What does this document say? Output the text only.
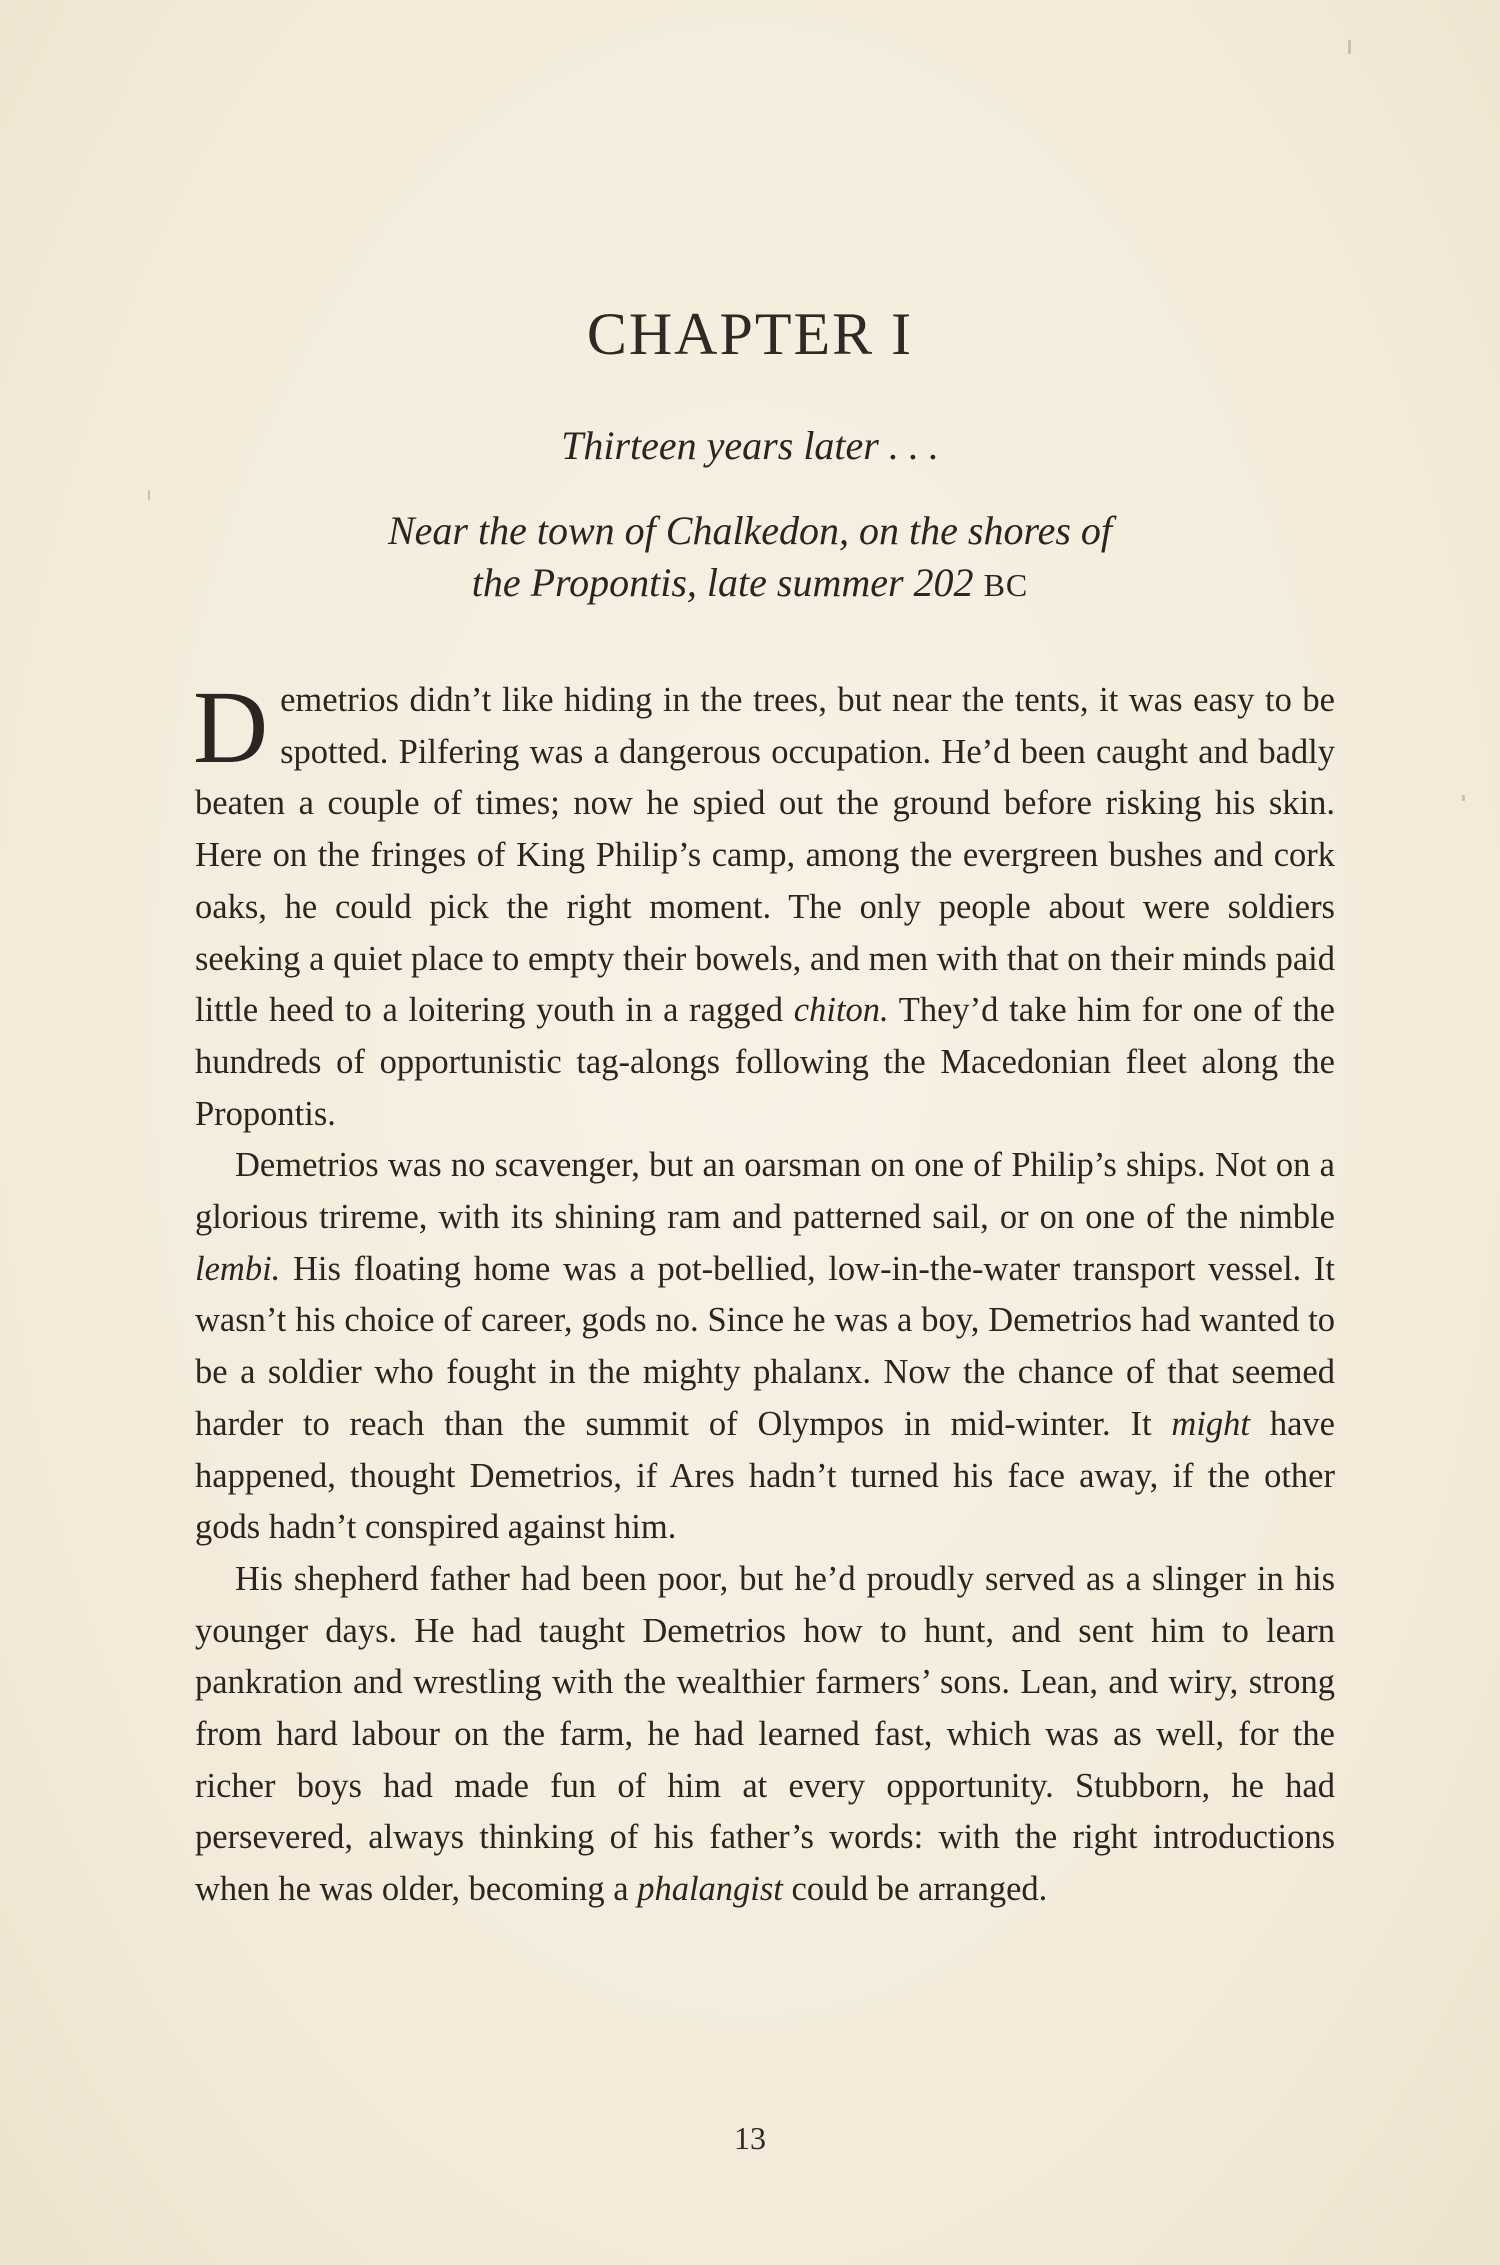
CHAPTER I
Thirteen years later . . .
Near the town of Chalkedon, on the shores of
the Propontis, late summer 202 BC

Demetrios didn’t like hiding in the trees, but near the tents, it was easy to be spotted. Pilfering was a dangerous occupation. He’d been caught and badly beaten a couple of times; now he spied out the ground before risking his skin. Here on the fringes of King Philip’s camp, among the evergreen bushes and cork oaks, he could pick the right moment. The only people about were soldiers seeking a quiet place to empty their bowels, and men with that on their minds paid little heed to a loitering youth in a ragged chiton. They’d take him for one of the hundreds of opportunistic tag-alongs following the Macedonian fleet along the Propontis.

Demetrios was no scavenger, but an oarsman on one of Philip’s ships. Not on a glorious trireme, with its shining ram and patterned sail, or on one of the nimble lembi. His floating home was a pot-bellied, low-in-the-water transport vessel. It wasn’t his choice of career, gods no. Since he was a boy, Demetrios had wanted to be a soldier who fought in the mighty phalanx. Now the chance of that seemed harder to reach than the summit of Olympos in mid-winter. It might have happened, thought Demetrios, if Ares hadn’t turned his face away, if the other gods hadn’t conspired against him.

His shepherd father had been poor, but he’d proudly served as a slinger in his younger days. He had taught Demetrios how to hunt, and sent him to learn pankration and wrestling with the wealthier farmers’ sons. Lean, and wiry, strong from hard labour on the farm, he had learned fast, which was as well, for the richer boys had made fun of him at every opportunity. Stubborn, he had persevered, always thinking of his father’s words: with the right introductions when he was older, becoming a phalangist could be arranged.

13
